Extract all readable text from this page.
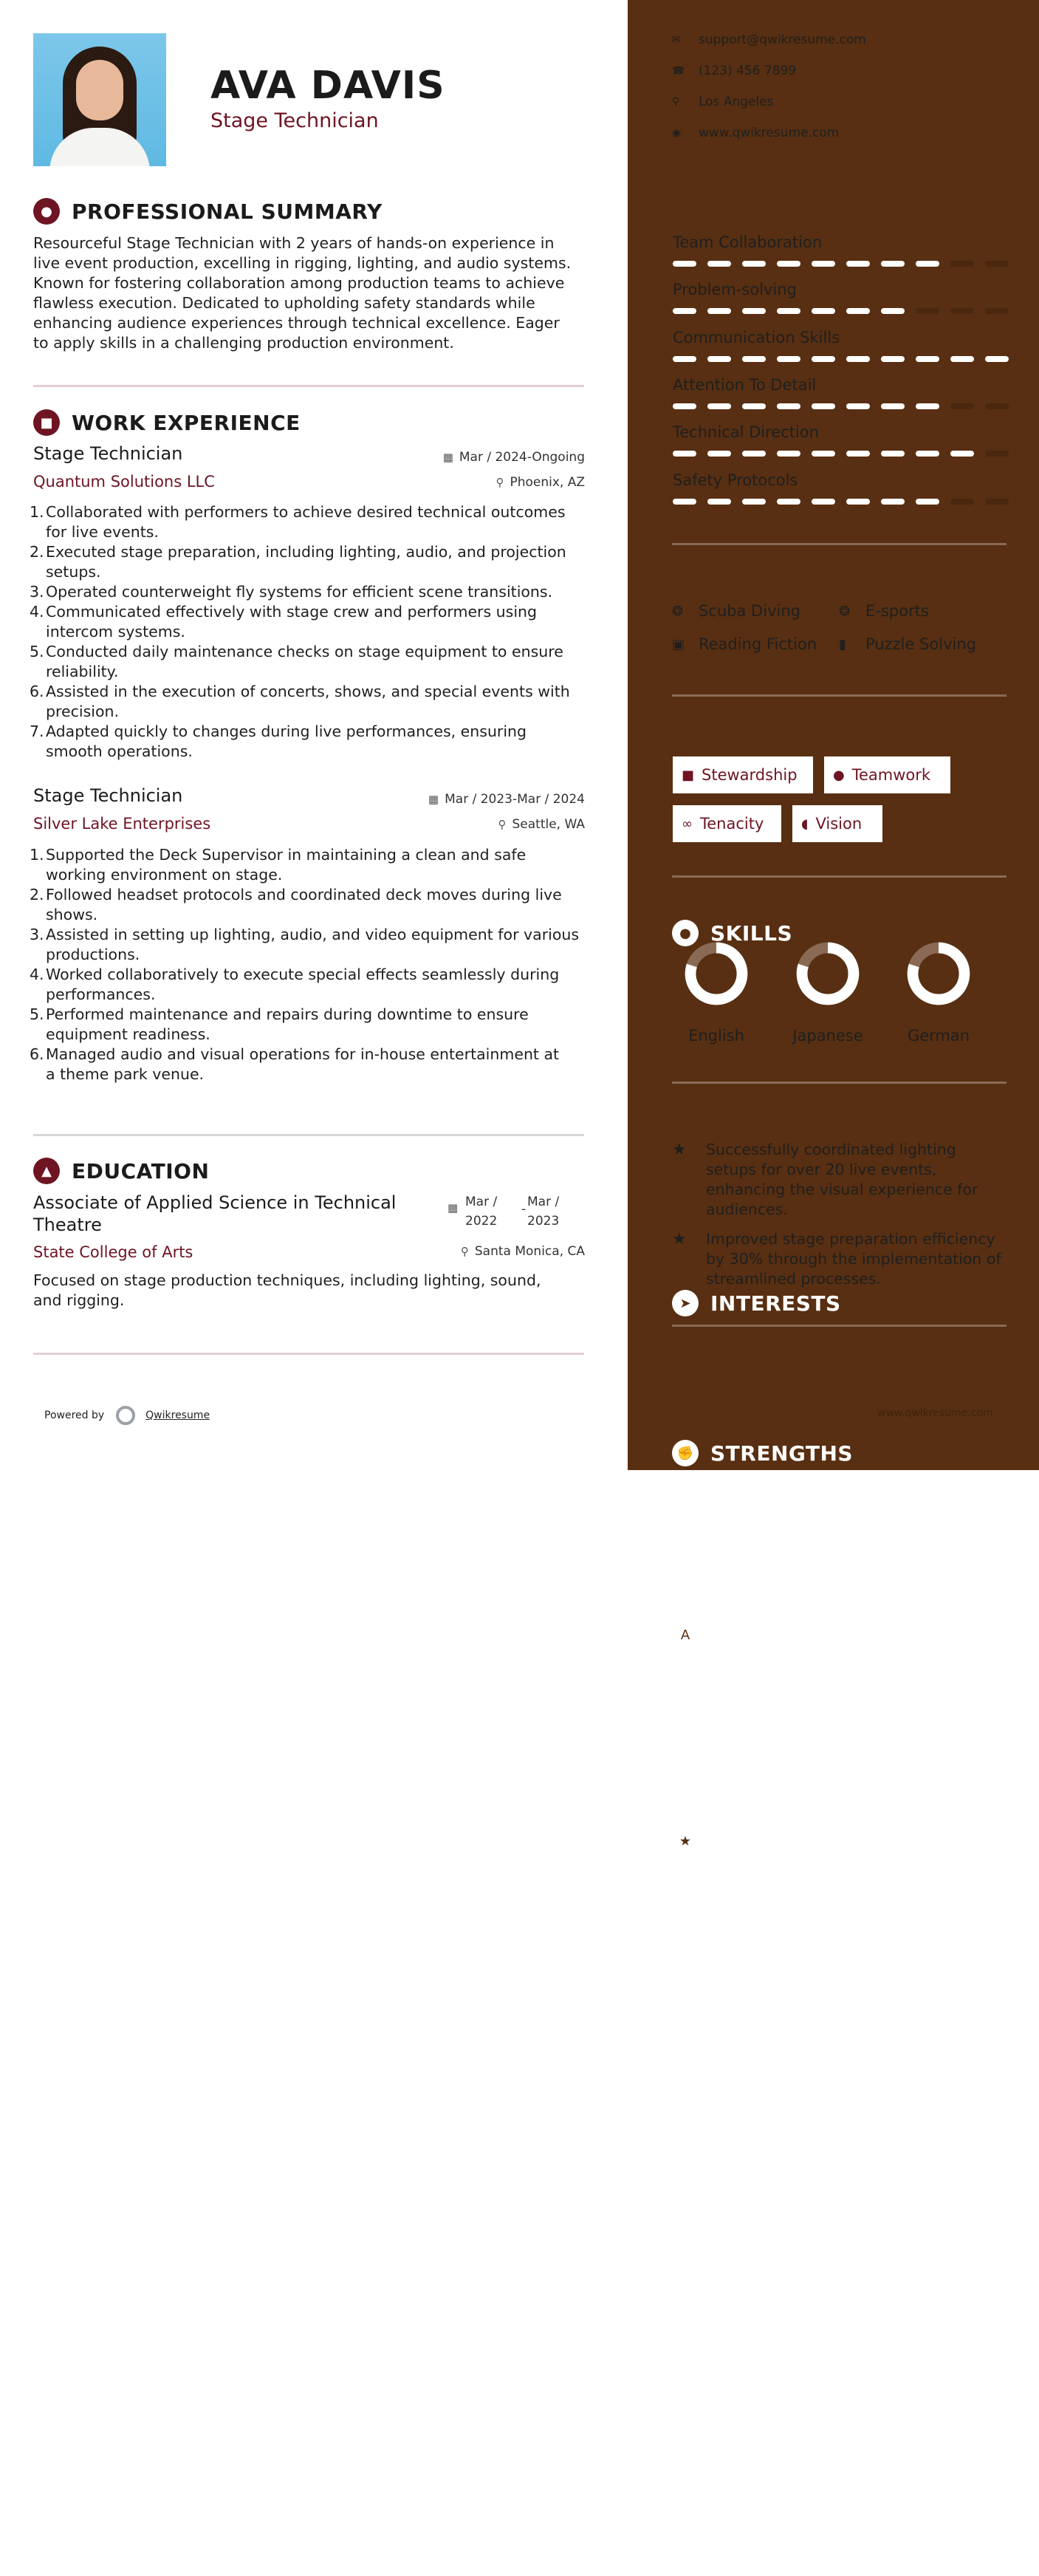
AVA DAVIS
Stage Technician
● PROFESSIONAL SUMMARY
Resourceful Stage Technician with 2 years of hands-on experience in
live event production, excelling in rigging, lighting, and audio systems.
Known for fostering collaboration among production teams to achieve
flawless execution. Dedicated to upholding safety standards while
enhancing audience experiences through technical excellence. Eager
to apply skills in a challenging production environment.
■ WORK EXPERIENCE
Stage Technician	▦ Mar / 2024-Ongoing
Quantum Solutions LLC	⚲ Phoenix, AZ
1. Collaborated with performers to achieve desired technical outcomes
for live events.
2. Executed stage preparation, including lighting, audio, and projection
setups.
3. Operated counterweight fly systems for efficient scene transitions.
4. Communicated effectively with stage crew and performers using
intercom systems.
5. Conducted daily maintenance checks on stage equipment to ensure
reliability.
6. Assisted in the execution of concerts, shows, and special events with
precision.
7. Adapted quickly to changes during live performances, ensuring
smooth operations.
Stage Technician	▦ Mar / 2023-Mar / 2024
Silver Lake Enterprises	⚲ Seattle, WA
1. Supported the Deck Supervisor in maintaining a clean and safe
working environment on stage.
2. Followed headset protocols and coordinated deck moves during live
shows.
3. Assisted in setting up lighting, audio, and video equipment for various
productions.
4. Worked collaboratively to execute special effects seamlessly during
performances.
5. Performed maintenance and repairs during downtime to ensure
equipment readiness.
6. Managed audio and visual operations for in-house entertainment at
a theme park venue.
▲ EDUCATION
Associate of Applied Science in Technical
Theatre
▦ Mar /
2022
- Mar /
2023
State College of Arts	⚲ Santa Monica, CA
Focused on stage production techniques, including lighting, sound,
and rigging.
Powered by	Qwikresume
✉	support@qwikresume.com
☎	(123) 456 7899
⚲	Los Angeles
◉	www.qwikresume.com
● SKILLS
Team Collaboration
Problem-solving
Communication Skills
Attention To Detail
Technical Direction
Safety Protocols
➤ INTERESTS
❂ Scuba Diving	❂ E-sports
▣ Reading Fiction ▮	Puzzle Solving
✊ STRENGTHS
■ Stewardship	● Teamwork
∞ Tenacity	◖ Vision
A LANGUAGES
English	Japanese	German
★ ACHIEVEMENTS
★	Successfully coordinated lighting
setups for over 20 live events,
enhancing the visual experience for
audiences.
★	Improved stage preparation efficiency
by 30% through the implementation of
streamlined processes.
www.qwikresume.com
